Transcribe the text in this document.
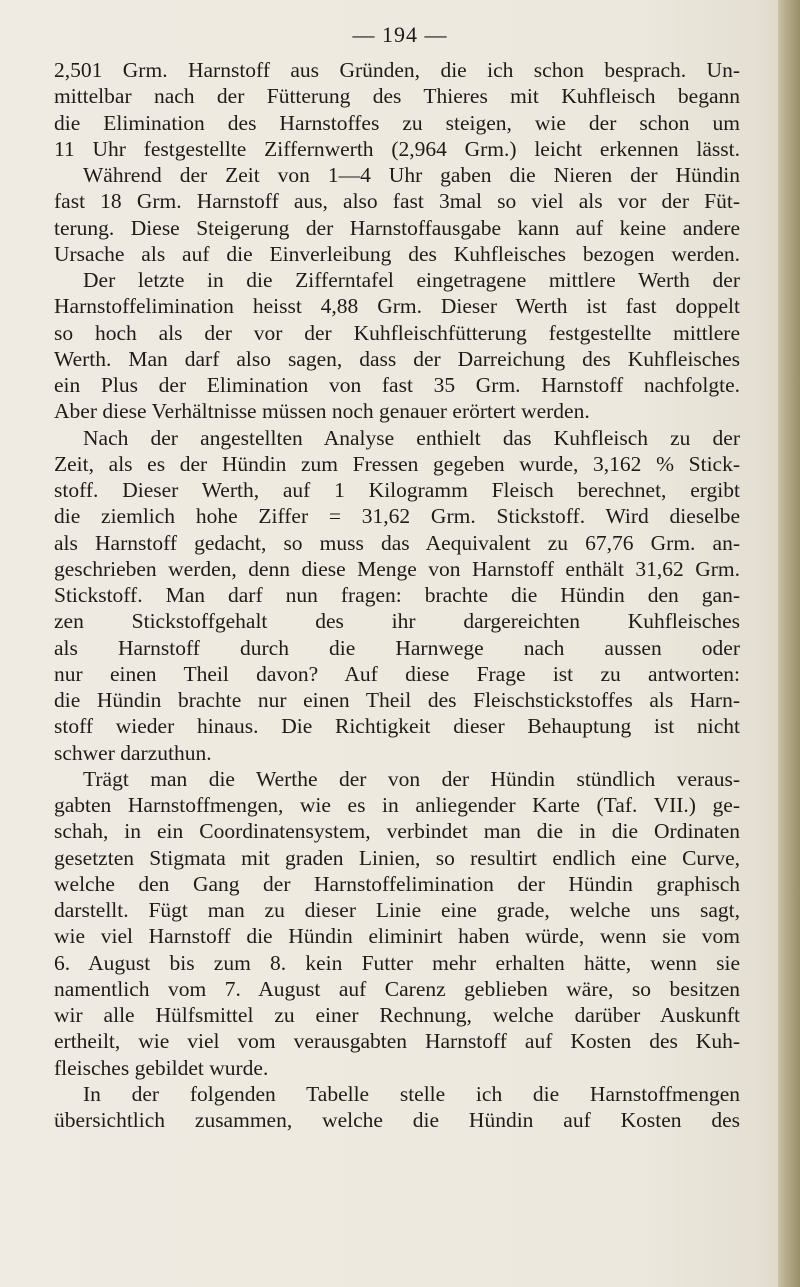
— 194 —
2,501 Grm. Harnstoff aus Gründen, die ich schon besprach. Un-
mittelbar nach der Fütterung des Thieres mit Kuhfleisch begann
die Elimination des Harnstoffes zu steigen, wie der schon um
11 Uhr festgestellte Ziffernwerth (2,964 Grm.) leicht erkennen lässt.
Während der Zeit von 1—4 Uhr gaben die Nieren der Hündin
fast 18 Grm. Harnstoff aus, also fast 3mal so viel als vor der Füt-
terung. Diese Steigerung der Harnstoffausgabe kann auf keine andere
Ursache als auf die Einverleibung des Kuhfleisches bezogen werden.
Der letzte in die Zifferntafel eingetragene mittlere Werth der
Harnstoffelimination heisst 4,88 Grm. Dieser Werth ist fast doppelt
so hoch als der vor der Kuhfleischfütterung festgestellte mittlere
Werth. Man darf also sagen, dass der Darreichung des Kuhfleisches
ein Plus der Elimination von fast 35 Grm. Harnstoff nachfolgte.
Aber diese Verhältnisse müssen noch genauer erörtert werden.
Nach der angestellten Analyse enthielt das Kuhfleisch zu der
Zeit, als es der Hündin zum Fressen gegeben wurde, 3,162 % Stick-
stoff. Dieser Werth, auf 1 Kilogramm Fleisch berechnet, ergibt
die ziemlich hohe Ziffer = 31,62 Grm. Stickstoff. Wird dieselbe
als Harnstoff gedacht, so muss das Aequivalent zu 67,76 Grm. an-
geschrieben werden, denn diese Menge von Harnstoff enthält 31,62 Grm.
Stickstoff. Man darf nun fragen: brachte die Hündin den gan-
zen Stickstoffgehalt des ihr dargereichten Kuhfleisches
als Harnstoff durch die Harnwege nach aussen oder
nur einen Theil davon? Auf diese Frage ist zu antworten:
die Hündin brachte nur einen Theil des Fleischstickstoffes als Harn-
stoff wieder hinaus. Die Richtigkeit dieser Behauptung ist nicht
schwer darzuthun.
Trägt man die Werthe der von der Hündin stündlich veraus-
gabten Harnstoffmengen, wie es in anliegender Karte (Taf. VII.) ge-
schah, in ein Coordinatensystem, verbindet man die in die Ordinaten
gesetzten Stigmata mit graden Linien, so resultirt endlich eine Curve,
welche den Gang der Harnstoffelimination der Hündin graphisch
darstellt. Fügt man zu dieser Linie eine grade, welche uns sagt,
wie viel Harnstoff die Hündin eliminirt haben würde, wenn sie vom
6. August bis zum 8. kein Futter mehr erhalten hätte, wenn sie
namentlich vom 7. August auf Carenz geblieben wäre, so besitzen
wir alle Hülfsmittel zu einer Rechnung, welche darüber Auskunft
ertheilt, wie viel vom verausgabten Harnstoff auf Kosten des Kuh-
fleisches gebildet wurde.
In der folgenden Tabelle stelle ich die Harnstoffmengen
übersichtlich zusammen, welche die Hündin auf Kosten des
